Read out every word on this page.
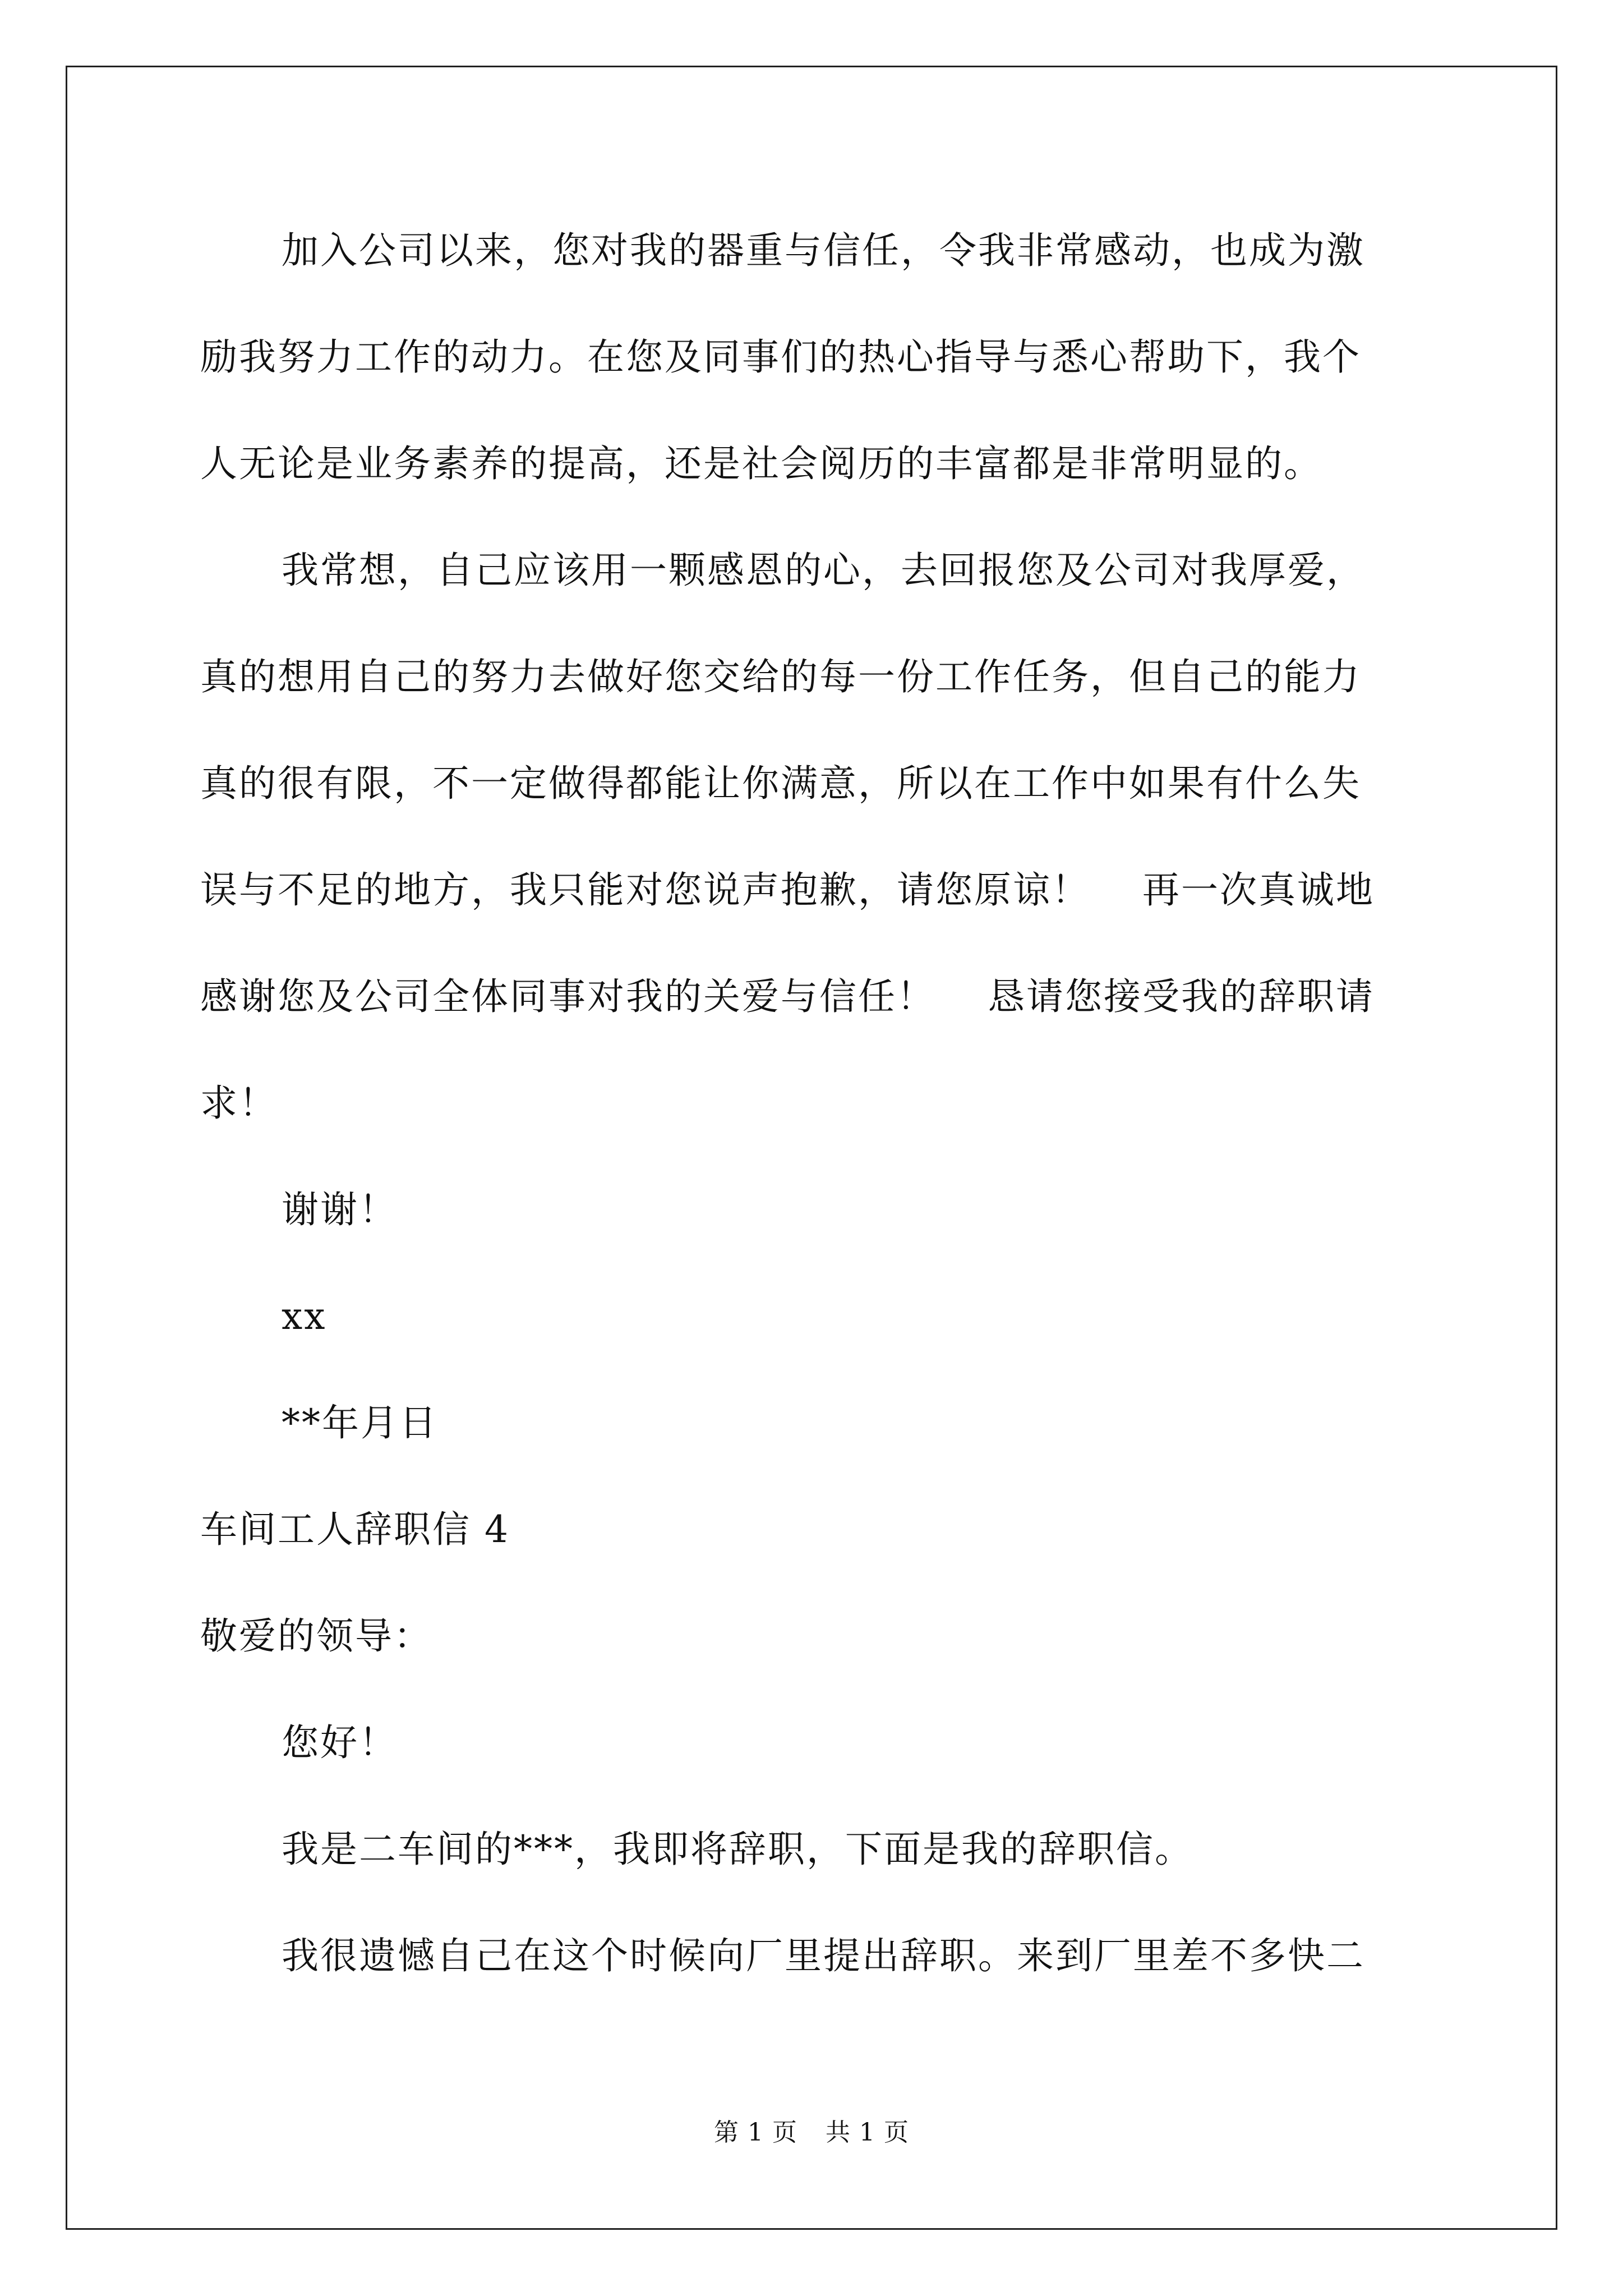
加入公司以来，您对我的器重与信任，令我非常感动，也成为激
励我努力工作的动力。在您及同事们的热心指导与悉心帮助下，我个
人无论是业务素养的提高，还是社会阅历的丰富都是非常明显的。
我常想，自己应该用一颗感恩的心，去回报您及公司对我厚爱，
真的想用自己的努力去做好您交给的每一份工作任务，但自己的能力
真的很有限，不一定做得都能让你满意，所以在工作中如果有什么失
误与不足的地方，我只能对您说声抱歉，请您原谅！　 再一次真诚地
感谢您及公司全体同事对我的关爱与信任！　 恳请您接受我的辞职请
求！
谢谢！
xx
**年月日
车间工人辞职信 4
敬爱的领导：
您好！
我是二车间的***，我即将辞职，下面是我的辞职信。
我很遗憾自己在这个时候向厂里提出辞职。来到厂里差不多快二
第 1 页 共 1 页
